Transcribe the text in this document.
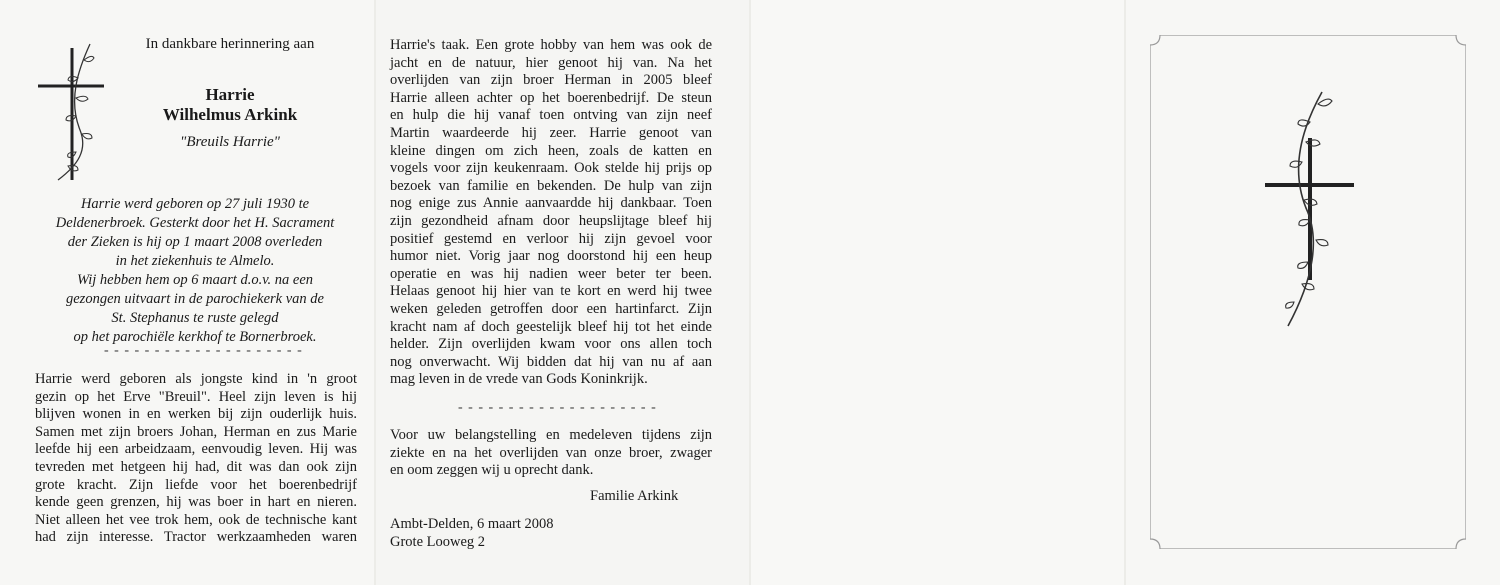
In dankbare herinnering aan
Harrie
Wilhelmus Arkink
"Breuils Harrie"
Harrie werd geboren op 27 juli 1930 te
Deldenerbroek. Gesterkt door het H. Sacrament
der Zieken is hij op 1 maart 2008 overleden
in het ziekenhuis te Almelo.
Wij hebben hem op 6 maart d.o.v. na een
gezongen uitvaart in de parochiekerk van de
St. Stephanus te ruste gelegd
op het parochiële kerkhof te Bornerbroek.
- - - - - - - - - - - - - - - - - - - -
Harrie werd geboren als jongste kind in 'n groot
gezin op het Erve "Breuil". Heel zijn leven is hij
blijven wonen in en werken bij zijn ouderlijk huis.
Samen met zijn broers Johan, Herman en zus Marie
leefde hij een arbeidzaam, eenvoudig leven. Hij was
tevreden met hetgeen hij had, dit was dan ook zijn
grote kracht. Zijn liefde voor het boerenbedrijf
kende geen grenzen, hij was boer in hart en nieren.
Niet alleen het vee trok hem, ook de technische kant
had zijn interesse. Tractor werkzaamheden waren
Harrie's taak. Een grote hobby van hem was ook de
jacht en de natuur, hier genoot hij van. Na het
overlijden van zijn broer Herman in 2005 bleef
Harrie alleen achter op het boerenbedrijf. De steun
en hulp die hij vanaf toen ontving van zijn neef
Martin waardeerde hij zeer. Harrie genoot van
kleine dingen om zich heen, zoals de katten en
vogels voor zijn keukenraam. Ook stelde hij prijs op
bezoek van familie en bekenden. De hulp van zijn
nog enige zus Annie aanvaardde hij dankbaar. Toen
zijn gezondheid afnam door heupslijtage bleef hij
positief gestemd en verloor hij zijn gevoel voor
humor niet. Vorig jaar nog doorstond hij een heup
operatie en was hij nadien weer beter ter been.
Helaas genoot hij hier van te kort en werd hij twee
weken geleden getroffen door een hartinfarct. Zijn
kracht nam af doch geestelijk bleef hij tot het einde
helder. Zijn overlijden kwam voor ons allen toch
nog onverwacht. Wij bidden dat hij van nu af aan
mag leven in de vrede van Gods Koninkrijk.
- - - - - - - - - - - - - - - - - - - -
Voor uw belangstelling en medeleven tijdens zijn
ziekte en na het overlijden van onze broer, zwager
en oom zeggen wij u oprecht dank.
Familie Arkink
Ambt-Delden, 6 maart 2008
Grote Looweg 2
